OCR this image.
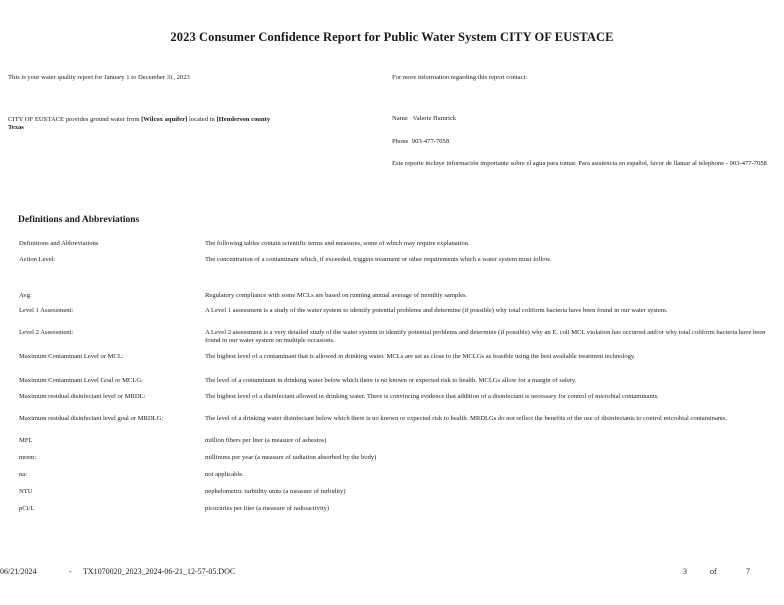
2023 Consumer Confidence Report for Public Water System CITY OF EUSTACE
This is your water quality report for January 1 to December 31, 2023
CITY OF EUSTACE provides ground water from [Wilcox aquifer] located in [Henderson county Texas
For more information regarding this report contact:
Name Valerie Hamrick
Phone 903-477-7058
Este reporte incluye información importante sobre el agua para tomar. Para asistencia en español, favor de llamar al telephone - 903-477-7058
Definitions and Abbreviations
Definitions and Abbreviations	The following tables contain scientific terms and measures, some of which may require explanation.
Action Level:	The concentration of a contaminant which, if exceeded, triggers treatment or other requirements which a water system must follow.
Avg:	Regulatory compliance with some MCLs are based on running annual average of monthly samples.
Level 1 Assessment:	A Level 1 assessment is a study of the water system to identify potential problems and determine (if possible) why total coliform bacteria have been found in our water system.
Level 2 Assessment:	A Level 2 assessment is a very detailed study of the water system to identify potential problems and determine (if possible) why an E. coli MCL violation has occurred and/or why total coliform bacteria have been found in our water system on multiple occasions.
Maximum Contaminant Level or MCL:	The highest level of a contaminant that is allowed in drinking water. MCLs are set as close to the MCLGs as feasible using the best available treatment technology.
Maximum Contaminant Level Goal or MCLG:	The level of a contaminant in drinking water below which there is no known or expected risk to health. MCLGs allow for a margin of safety.
Maximum residual disinfectant level or MRDL:	The highest level of a disinfectant allowed in drinking water. There is convincing evidence that addition of a disinfectant is necessary for control of microbial contaminants.
Maximum residual disinfectant level goal or MRDLG:	The level of a drinking water disinfectant below which there is no known or expected risk to health. MRDLGs do not reflect the benefits of the use of disinfectants to control microbial contaminants.
MFL	million fibers per liter (a measure of asbestos)
mrem:	millirems per year (a measure of radiation absorbed by the body)
na:	not applicable.
NTU	nephelometric turbidity units (a measure of turbidity)
pCi/L	picocuries per liter (a measure of radioactivity)
06/21/2024	- TX1070020_2023_2024-06-21_12-57-05.DOC	3	of	7
